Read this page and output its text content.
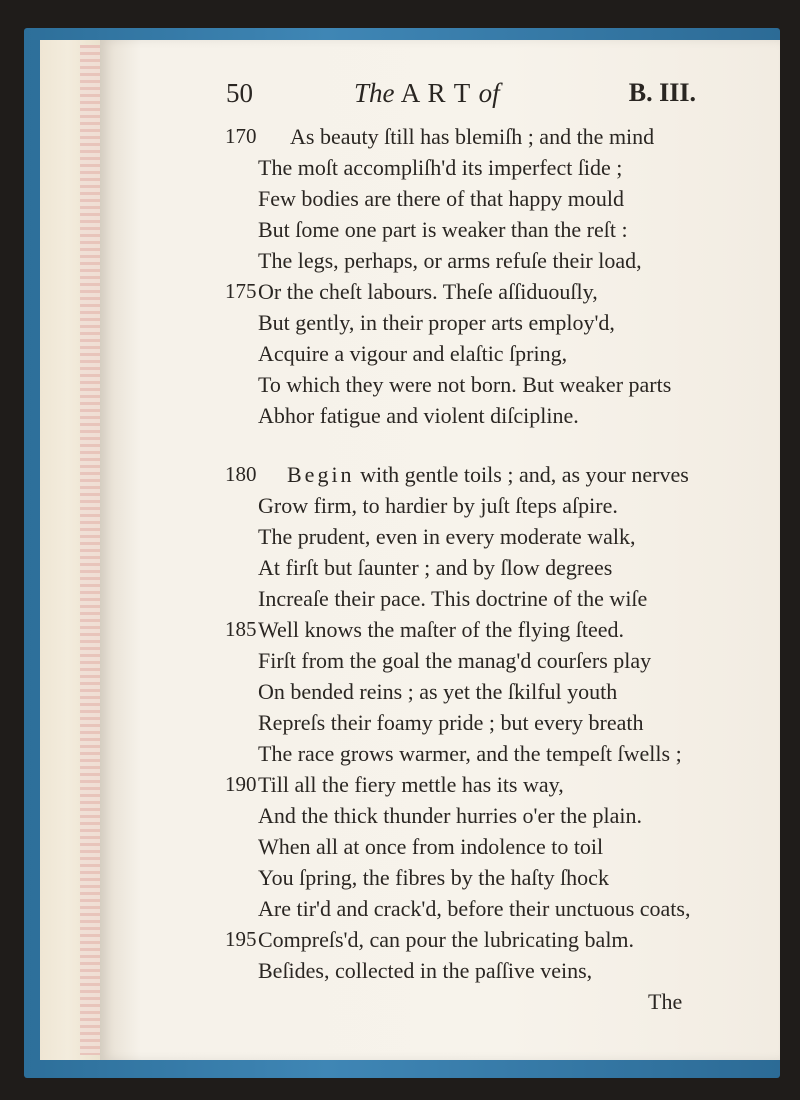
50	The A R T of	B. III.
170 As beauty ſtill has blemiſh ; and the mind
The moſt accompliſh'd its imperfect ſide ;
Few bodies are there of that happy mould
But ſome one part is weaker than the reſt :
The legs, perhaps, or arms refuſe their load,
175 Or the cheſt labours. Theſe aſſiduouſly,
But gently, in their proper arts employ'd,
Acquire a vigour and elaſtic ſpring,
To which they were not born. But weaker parts
Abhor fatigue and violent diſcipline.
180 Begin with gentle toils ; and, as your nerves
Grow firm, to hardier by juſt ſteps aſpire.
The prudent, even in every moderate walk,
At firſt but ſaunter ; and by ſlow degrees
Increaſe their pace. This doctrine of the wiſe
185 Well knows the maſter of the flying ſteed.
Firſt from the goal the manag'd courſers play
On bended reins ; as yet the ſkilful youth
Repreſs their foamy pride ; but every breath
The race grows warmer, and the tempeſt ſwells ;
190 Till all the fiery mettle has its way,
And the thick thunder hurries o'er the plain.
When all at once from indolence to toil
You ſpring, the fibres by the haſty ſhock
Are tir'd and crack'd, before their unctuous coats,
195 Compreſs'd, can pour the lubricating balm.
Beſides, collected in the paſſive veins,
The
